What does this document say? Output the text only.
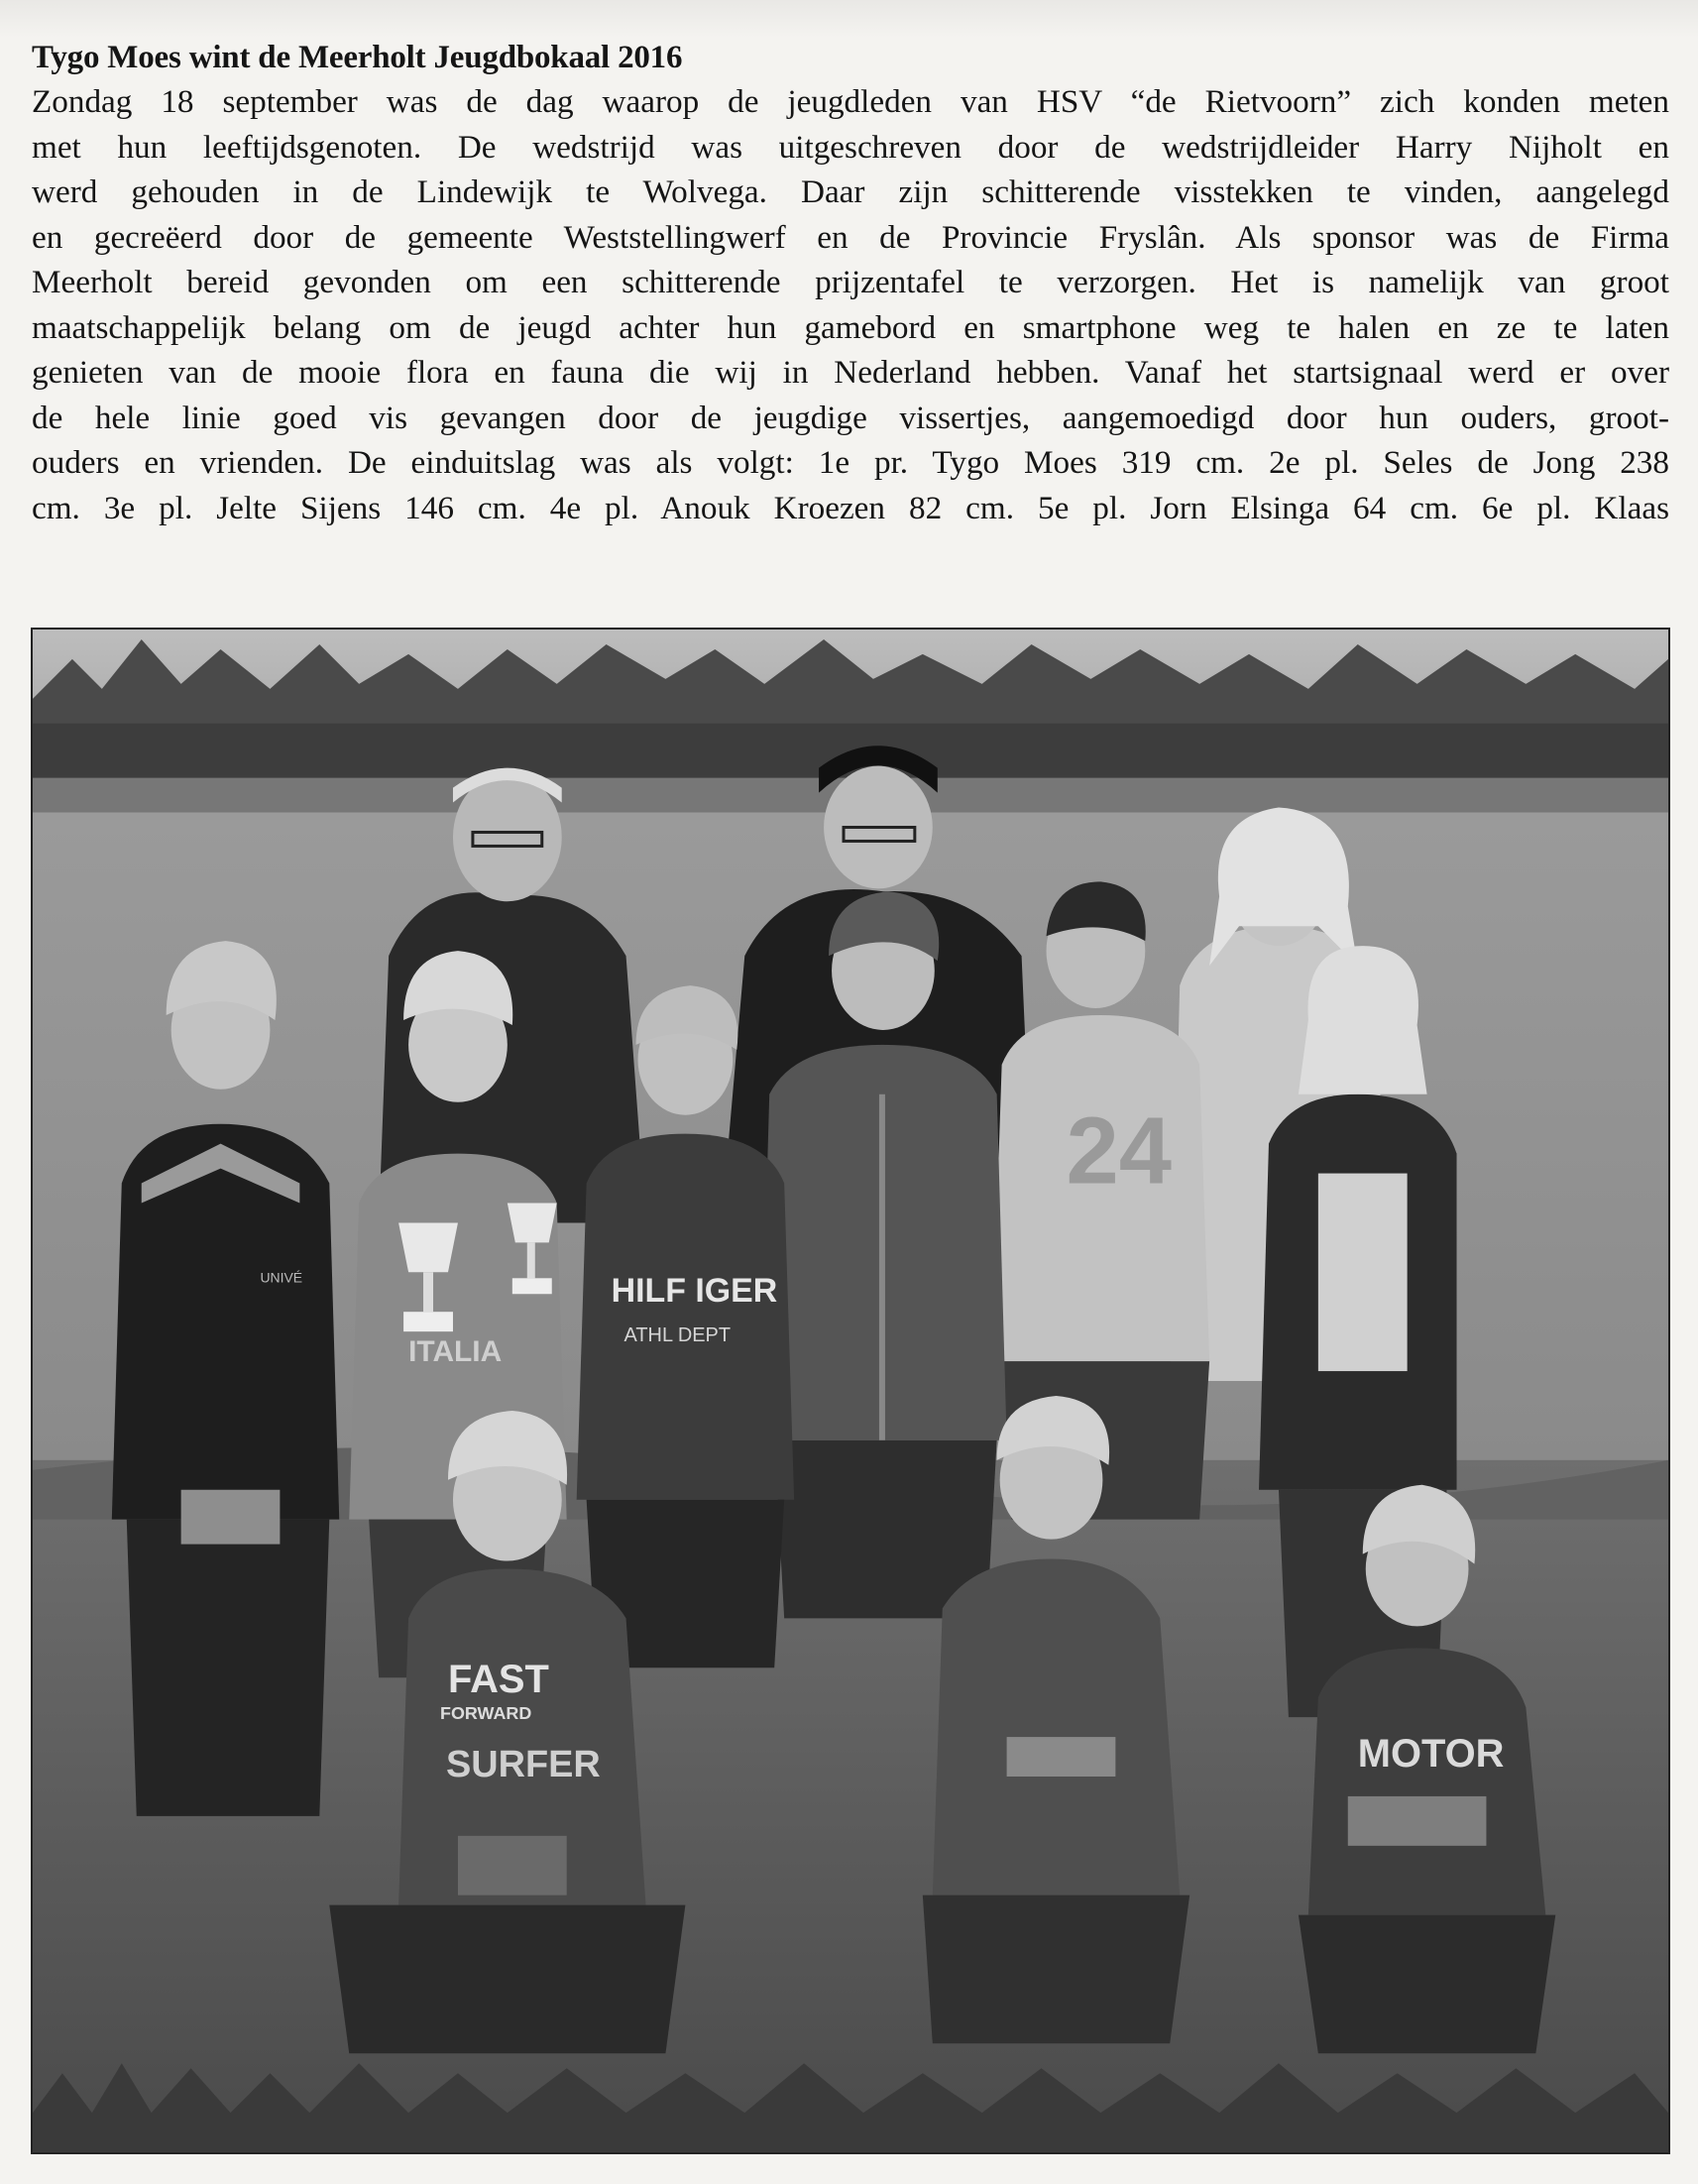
Tygo Moes wint de Meerholt Jeugdbokaal 2016

Zondag 18 september was de dag waarop de jeugdleden van HSV “de Rietvoorn” zich konden meten

met hun leeftijdsgenoten. De wedstrijd was uitgeschreven door de wedstrijdleider Harry Nijholt en

werd gehouden in de Lindewijk te Wolvega. Daar zijn schitterende visstekken te vinden, aangelegd

en gecreëerd door de gemeente Weststellingwerf en de Provincie Fryslân. Als sponsor was de Firma

Meerholt bereid gevonden om een schitterende prijzentafel te verzorgen. Het is namelijk van groot

maatschappelijk belang om de jeugd achter hun gamebord en smartphone weg te halen en ze te laten

genieten van de mooie flora en fauna die wij in Nederland hebben. Vanaf het startsignaal werd er over

de hele linie goed vis gevangen door de jeugdige vissertjes, aangemoedigd door hun ouders, groot-

ouders en vrienden. De einduitslag was als volgt: 1e pr. Tygo Moes 319 cm. 2e pl. Seles de Jong 238

cm. 3e pl. Jelte Sijens 146 cm. 4e pl. Anouk Kroezen 82 cm. 5e pl. Jorn Elsinga 64 cm. 6e pl. Klaas

24
HILF IGER
ATHL DEPT
ITALIA
UNIVÉ
FAST
FORWARD
SURFER	MOTOR
